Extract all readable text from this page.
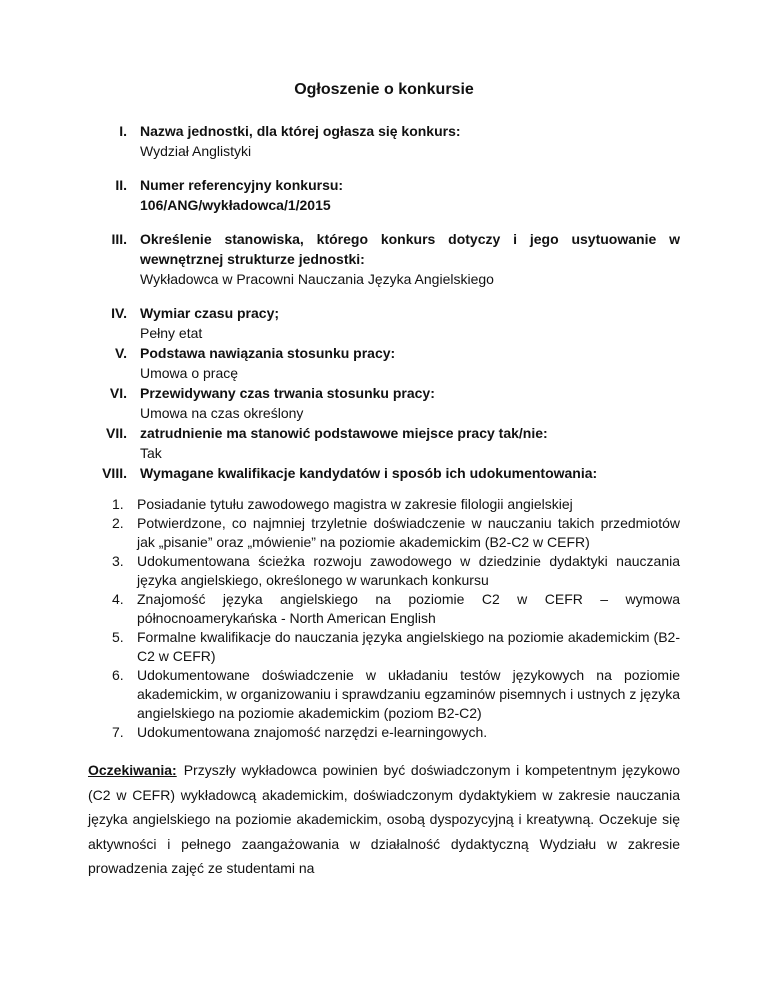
Ogłoszenie o konkursie
I. Nazwa jednostki, dla której ogłasza się konkurs:
Wydział Anglistyki
II. Numer referencyjny konkursu:
106/ANG/wykładowca/1/2015
III. Określenie stanowiska, którego konkurs dotyczy i jego usytuowanie w wewnętrznej strukturze jednostki:
Wykładowca w Pracowni Nauczania Języka Angielskiego
IV. Wymiar czasu pracy;
Pełny etat
V. Podstawa nawiązania stosunku pracy:
Umowa o pracę
VI. Przewidywany czas trwania stosunku pracy:
Umowa na czas określony
VII. zatrudnienie ma stanowić podstawowe miejsce pracy tak/nie:
Tak
VIII. Wymagane kwalifikacje kandydatów i sposób ich udokumentowania:
1. Posiadanie tytułu zawodowego magistra w zakresie filologii angielskiej
2. Potwierdzone, co najmniej trzyletnie doświadczenie w nauczaniu takich przedmiotów jak „pisanie” oraz „mówienie” na poziomie akademickim (B2-C2 w CEFR)
3. Udokumentowana ścieżka rozwoju zawodowego w dziedzinie dydaktyki nauczania języka angielskiego, określonego w warunkach konkursu
4. Znajomość języka angielskiego na poziomie C2 w CEFR – wymowa północnoamerykańska - North American English
5. Formalne kwalifikacje do nauczania języka angielskiego na poziomie akademickim (B2-C2 w CEFR)
6. Udokumentowane doświadczenie w układaniu testów językowych na poziomie akademickim, w organizowaniu i sprawdzaniu egzaminów pisemnych i ustnych z języka angielskiego na poziomie akademickim (poziom B2-C2)
7. Udokumentowana znajomość narzędzi e-learningowych.

Oczekiwania: Przyszły wykładowca powinien być doświadczonym i kompetentnym językowo (C2 w CEFR) wykładowcą akademickim, doświadczonym dydaktykiem w zakresie nauczania języka angielskiego na poziomie akademickim, osobą dyspozycyjną i kreatywną. Oczekuje się aktywności i pełnego zaangażowania w działalność dydaktyczną Wydziału w zakresie prowadzenia zajęć ze studentami na
